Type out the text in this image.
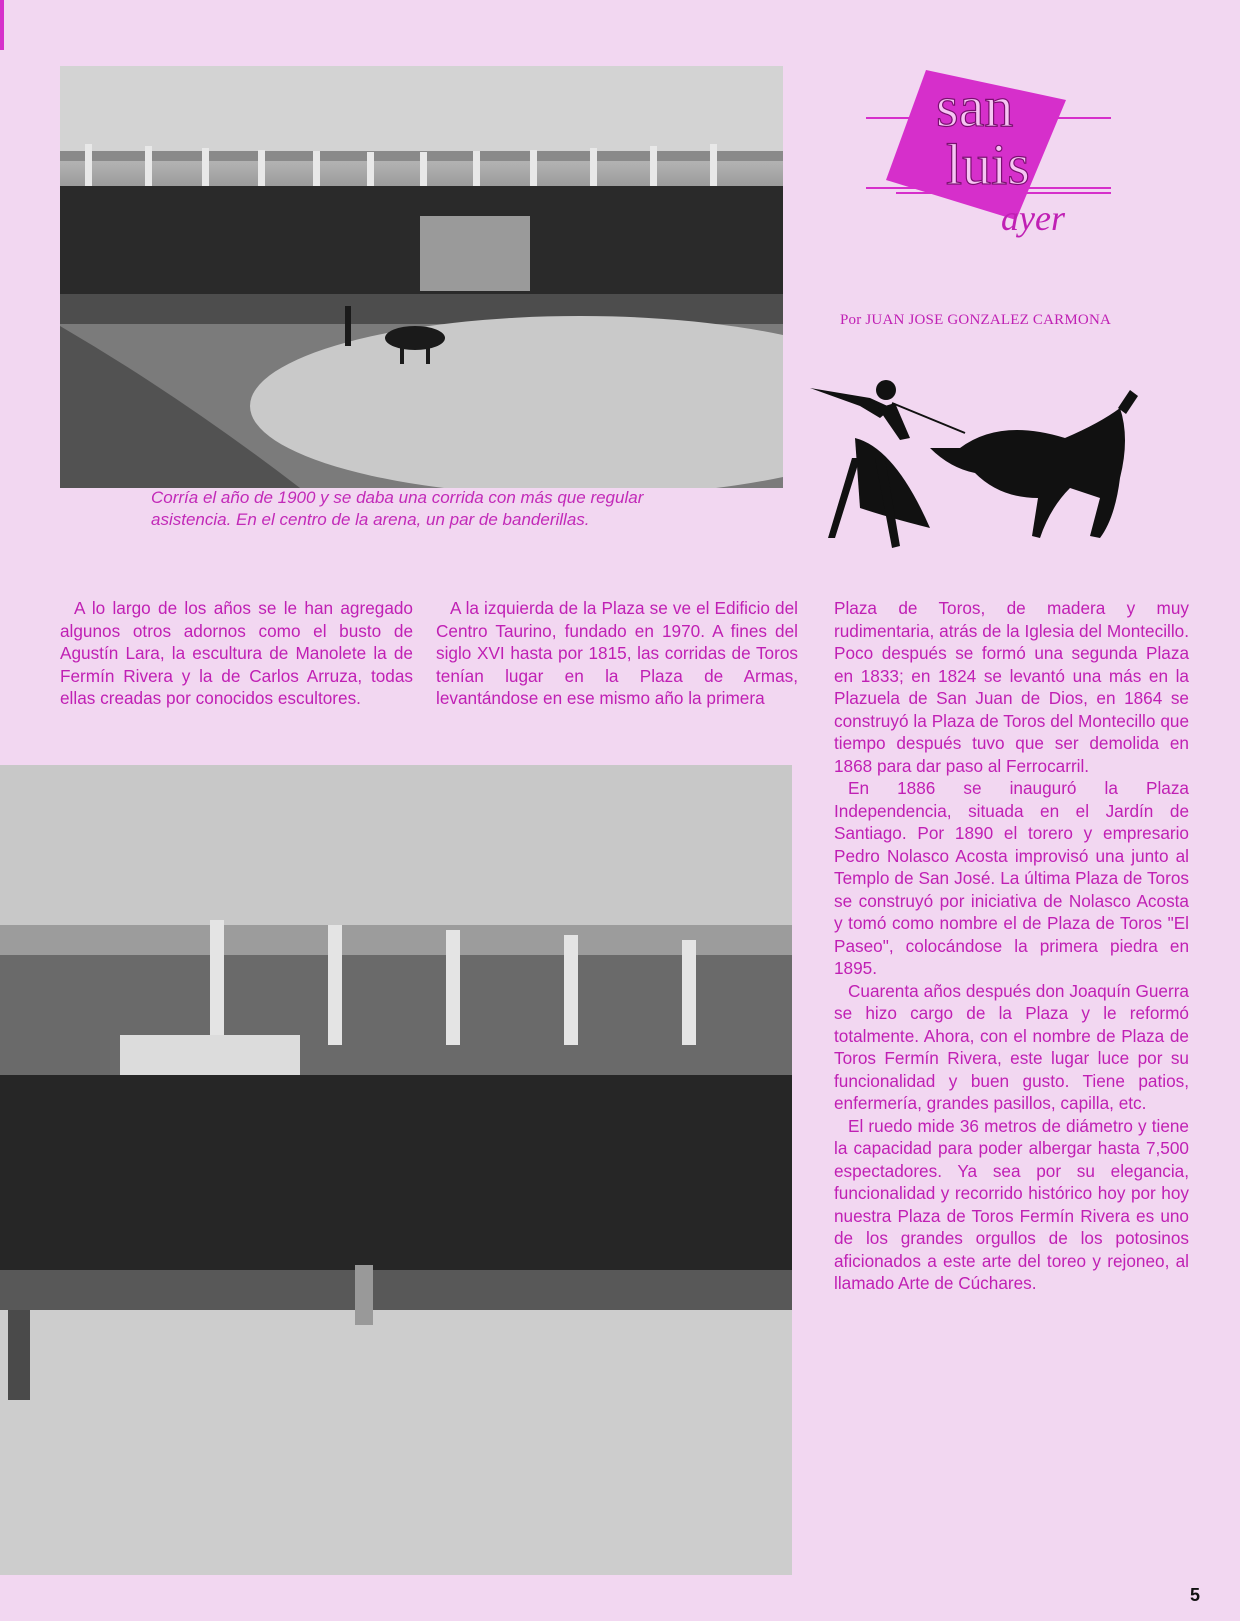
Corría el año de 1900 y se daba una corrida con más que regular asistencia. En el centro de la arena, un par de banderillas.
san
luis
ayer
Por JUAN JOSE GONZALEZ CARMONA

A lo largo de los años se le han agregado algunos otros adornos como el busto de Agustín Lara, la escultura de Manolete la de Fermín Rivera y la de Carlos Arruza, todas ellas creadas por conocidos escultores.

A la izquierda de la Plaza se ve el Edificio del Centro Taurino, fundado en 1970. A fines del siglo XVI hasta por 1815, las corridas de Toros tenían lugar en la Plaza de Armas, levantándose en ese mismo año la primera

Plaza de Toros, de madera y muy rudimentaria, atrás de la Iglesia del Montecillo. Poco después se formó una segunda Plaza en 1833; en 1824 se levantó una más en la Plazuela de San Juan de Dios, en 1864 se construyó la Plaza de Toros del Montecillo que tiempo después tuvo que ser demolida en 1868 para dar paso al Ferrocarril.

En 1886 se inauguró la Plaza Independencia, situada en el Jardín de Santiago. Por 1890 el torero y empresario Pedro Nolasco Acosta improvisó una junto al Templo de San José. La última Plaza de Toros se construyó por iniciativa de Nolasco Acosta y tomó como nombre el de Plaza de Toros "El Paseo", colocándose la primera piedra en 1895.

Cuarenta años después don Joaquín Guerra se hizo cargo de la Plaza y le reformó totalmente. Ahora, con el nombre de Plaza de Toros Fermín Rivera, este lugar luce por su funcionalidad y buen gusto. Tiene patios, enfermería, grandes pasillos, capilla, etc.

El ruedo mide 36 metros de diámetro y tiene la capacidad para poder albergar hasta 7,500 espectadores. Ya sea por su elegancia, funcionalidad y recorrido histórico hoy por hoy nuestra Plaza de Toros Fermín Rivera es uno de los grandes orgullos de los potosinos aficionados a este arte del toreo y rejoneo, al llamado Arte de Cúchares.

5
